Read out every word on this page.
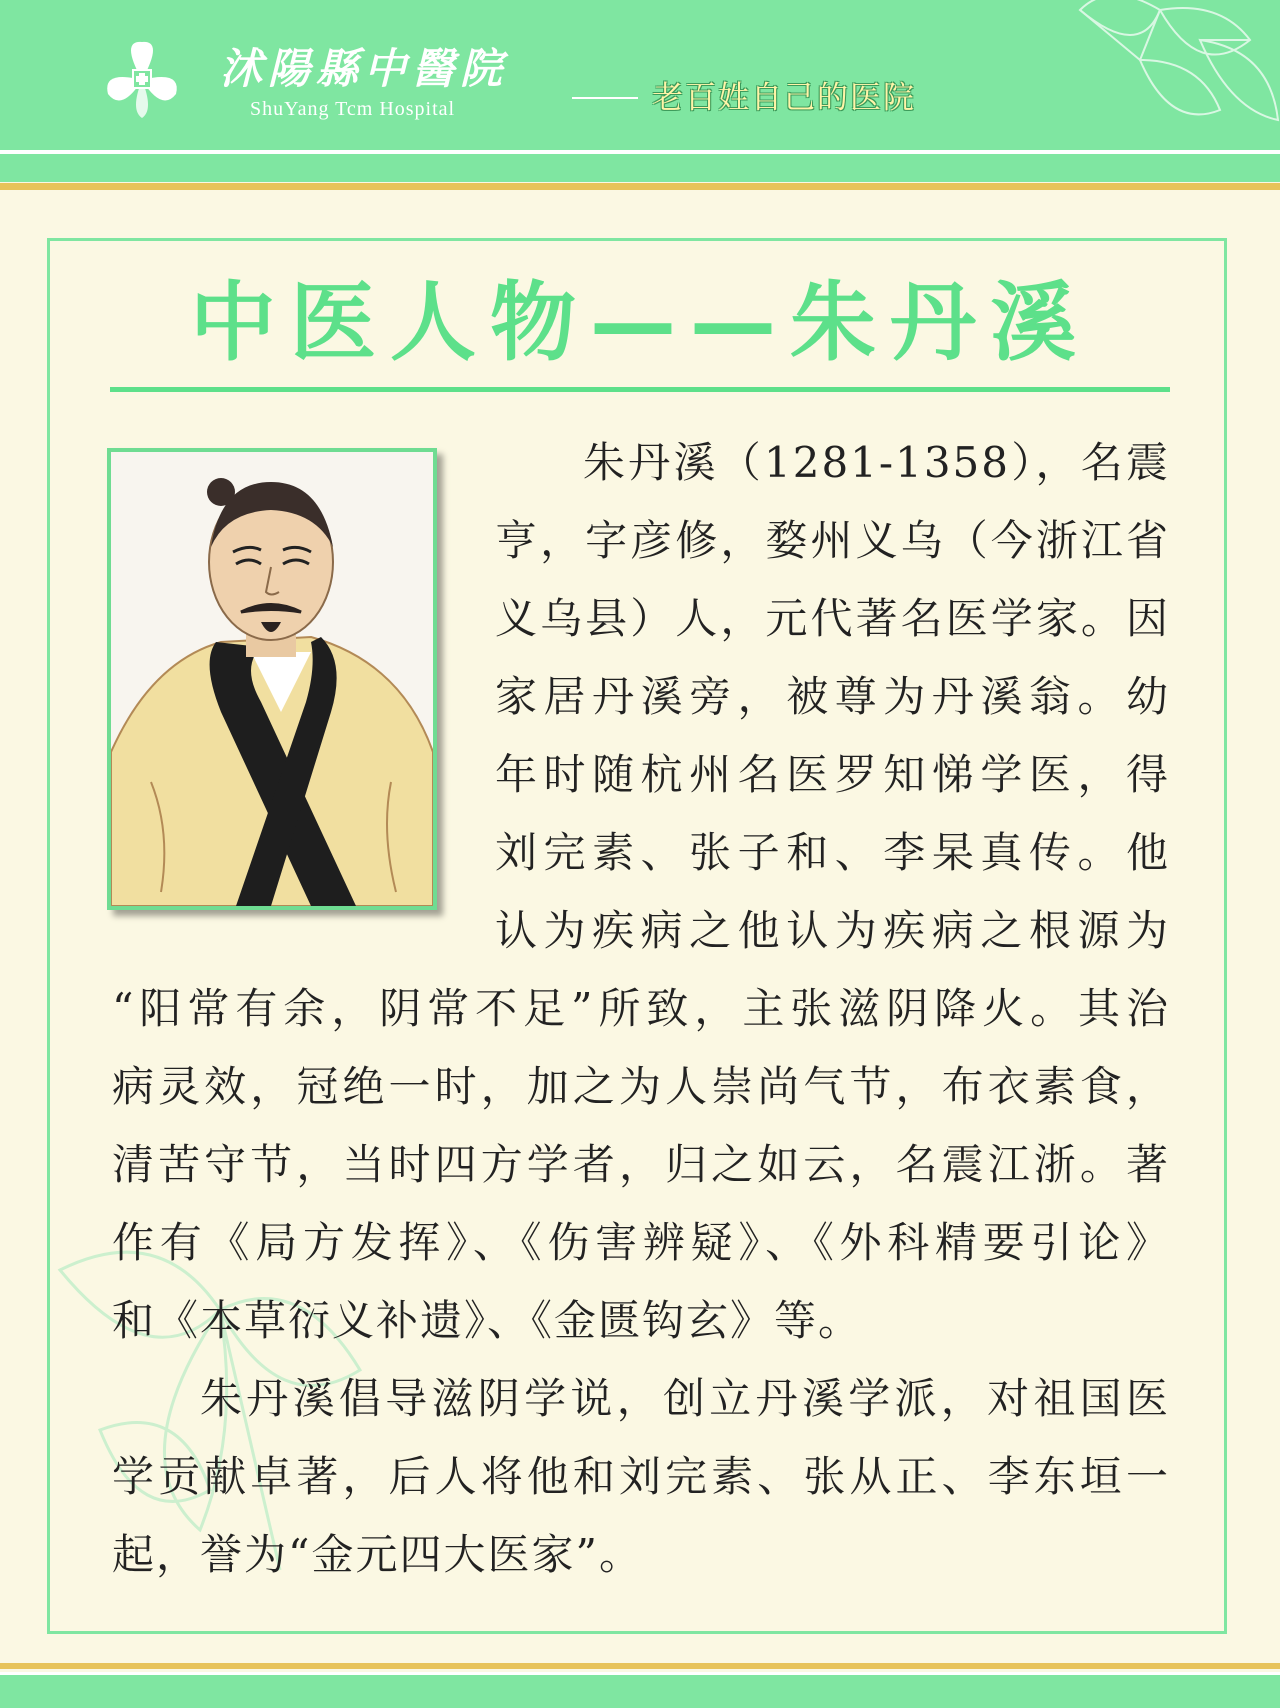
沭陽縣中醫院
ShuYang Tcm Hospital	老百姓自己的医院
中医人物——朱丹溪
朱丹溪（1281-1358），名震
亨，字彦修，婺州义乌（今浙江省
义乌县）人，元代著名医学家。因
家居丹溪旁，被尊为丹溪翁。幼
年时随杭州名医罗知悌学医，得
刘完素、张子和、李杲真传。他
认为疾病之他认为疾病之根源为
“阳常有余，阴常不足”所致，主张滋阴降火。其治
病灵效，冠绝一时，加之为人崇尚气节，布衣素食，
清苦守节，当时四方学者，归之如云，名震江浙。著
作有《局方发挥》、《伤害辨疑》、《外科精要引论》
和《本草衍义补遗》、《金匮钩玄》等。
朱丹溪倡导滋阴学说，创立丹溪学派，对祖国医
学贡献卓著，后人将他和刘完素、张从正、李东垣一
起，誉为“金元四大医家”。
